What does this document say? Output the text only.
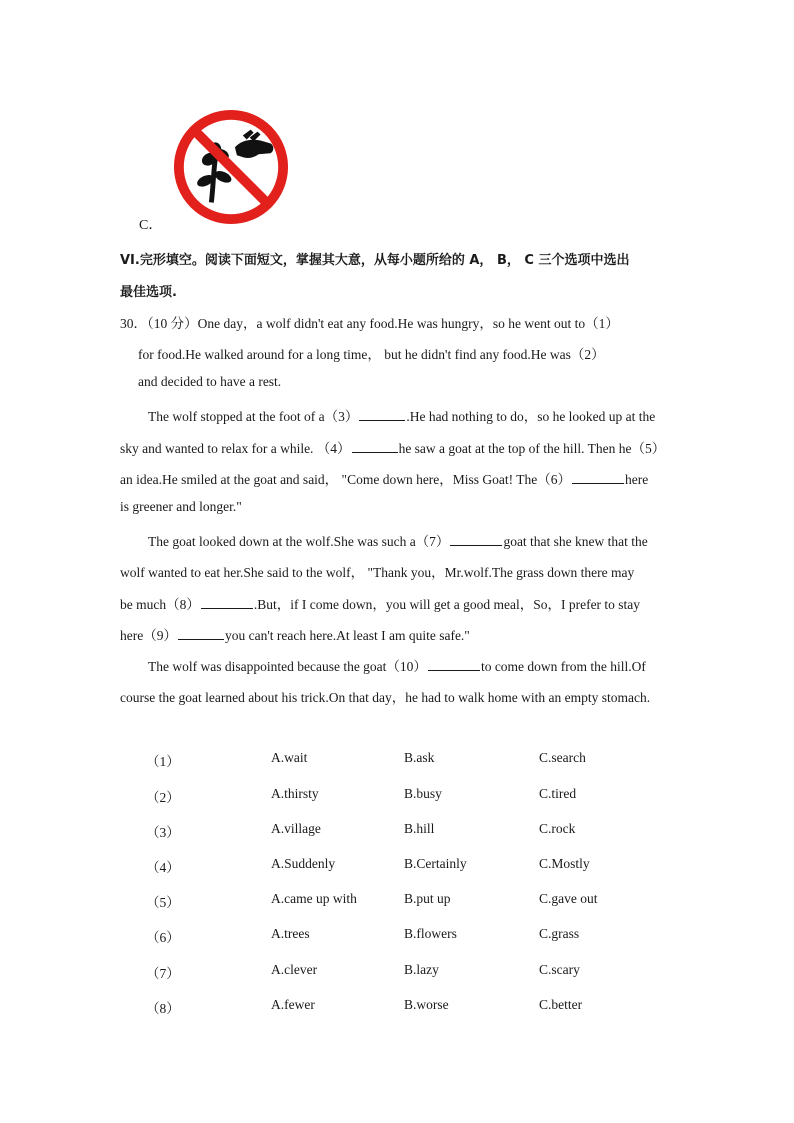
C．
VI.完形填空。阅读下面短文，掌握其大意，从每小题所给的 A， B， C 三个选项中选出
最佳选项.
30．（10 分）One day，a wolf didn't eat any food.He was hungry，so he went out to（1）
for food.He walked around for a long time， but he didn't find any food.He was（2）
and decided to have a rest.
The wolf stopped at the foot of a（3）	.He had nothing to do，so he looked up at the
sky and wanted to relax for a while. （4）	he saw a goat at the top of the hill. Then he（5）
an idea.He smiled at the goat and said， "Come down here，Miss Goat! The（6）	here
is greener and longer."
The goat looked down at the wolf.She was such a（7）	goat that she knew that the
wolf wanted to eat her.She said to the wolf， "Thank you，Mr.wolf.The grass down there may
be much（8）	.But，if I come down，you will get a good meal，So，I prefer to stay
here（9）	you can't reach here.At least I am quite safe."
The wolf was disappointed because the goat（10）	to come down from the hill.Of
course the goat learned about his trick.On that day，he had to walk home with an empty stomach.
（1）	A.wait	B.ask	C.search
（2）	A.thirsty	B.busy	C.tired
（3）	A.village	B.hill	C.rock
（4）	A.Suddenly	B.Certainly	C.Mostly
（5）	A.came up with	B.put up	C.gave out
（6）	A.trees	B.flowers	C.grass
（7）	A.clever	B.lazy	C.scary
（8）	A.fewer	B.worse	C.better
